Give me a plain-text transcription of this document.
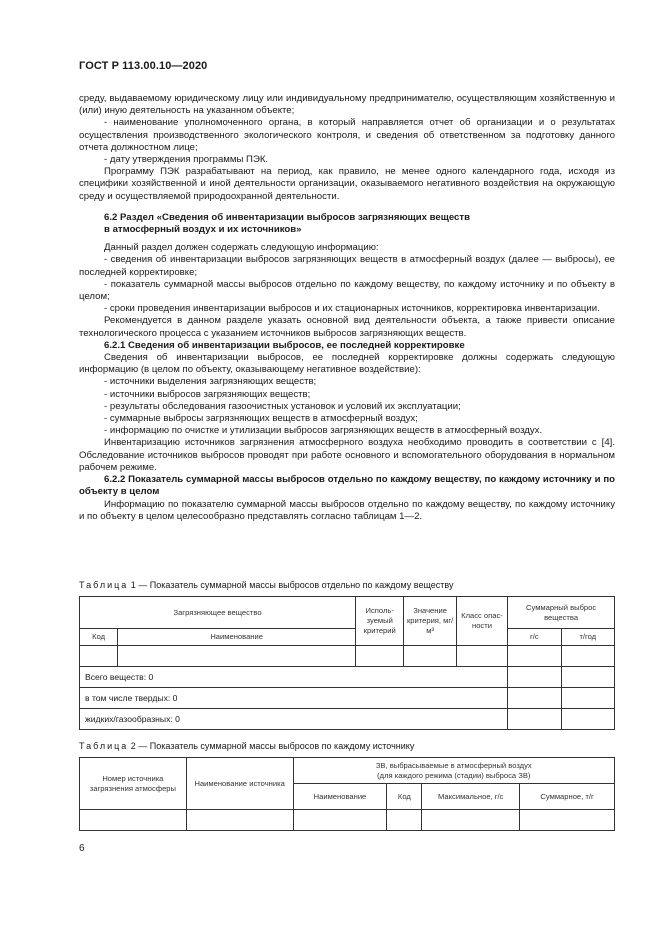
ГОСТ Р 113.00.10—2020

среду, выдаваемому юридическому лицу или индивидуальному предпринимателю, осуществляющим хозяйственную и (или) иную деятельность на указанном объекте;

- наименование уполномоченного органа, в который направляется отчет об организации и о результатах осуществления производственного экологического контроля, и сведения об ответственном за подготовку данного отчета должностном лице;

- дату утверждения программы ПЭК.

Программу ПЭК разрабатывают на период, как правило, не менее одного календарного года, исходя из специфики хозяйственной и иной деятельности организации, оказываемого негативного воздействия на окружающую среду и осуществляемой природоохранной деятельности.

6.2 Раздел «Сведения об инвентаризации выбросов загрязняющих веществ
в атмосферный воздух и их источников»

Данный раздел должен содержать следующую информацию:

- сведения об инвентаризации выбросов загрязняющих веществ в атмосферный воздух (далее — выбросы), ее последней корректировке;

- показатель суммарной массы выбросов отдельно по каждому веществу, по каждому источнику и по объекту в целом;

- сроки проведения инвентаризации выбросов и их стационарных источников, корректировка инвентаризации.

Рекомендуется в данном разделе указать основной вид деятельности объекта, а также привести описание технологического процесса с указанием источников выбросов загрязняющих веществ.

6.2.1 Сведения об инвентаризации выбросов, ее последней корректировке

Сведения об инвентаризации выбросов, ее последней корректировке должны содержать следующую информацию (в целом по объекту, оказывающему негативное воздействие):

- источники выделения загрязняющих веществ;

- источники выбросов загрязняющих веществ;

- результаты обследования газоочистных установок и условий их эксплуатации;

- суммарные выбросы загрязняющих веществ в атмосферный воздух;

- информацию по очистке и утилизации выбросов загрязняющих веществ в атмосферный воздух.

Инвентаризацию источников загрязнения атмосферного воздуха необходимо проводить в соответствии с [4]. Обследование источников выбросов проводят при работе основного и вспомогательного оборудования в нормальном рабочем режиме.

6.2.2 Показатель суммарной массы выбросов отдельно по каждому веществу, по каждому источнику и по объекту в целом

Информацию по показателю суммарной массы выбросов отдельно по каждому веществу, по каждому источнику и по объекту в целом целесообразно представлять согласно таблицам 1—2.

Таблица 1 — Показатель суммарной массы выбросов отдельно по каждому веществу
Загрязняющее вещество		Исполь-зуемый критерий	Значение критерия, мг/м³	Класс опас-ности	Суммарный выброс вещества	
Код	Наименование				г/с	т/год

Всего веществ: 0						
в том числе твердых: 0						
жидких/газообразных: 0						
Таблица 2 — Показатель суммарной массы выбросов по каждому источнику
Номер источника загрязнения атмосферы	Наименование источника	ЗВ, выбрасываемые в атмосферный воздух
(для каждого режима (стадии) выброса ЗВ)			
		Наименование	Код	Максимальное, г/с	Суммарное, т/г

6
